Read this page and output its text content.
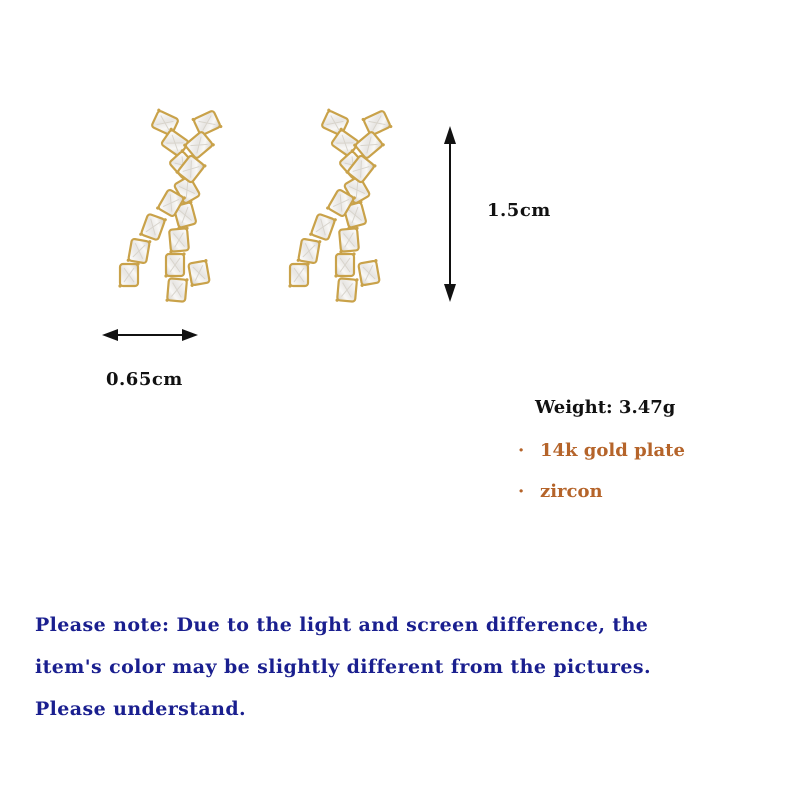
1.5cm
0.65cm
Weight: 3.47g
· 14k gold plate
· zircon
Please note: Due to the light and screen difference, the
item's color may be slightly different from the pictures.
Please understand.
